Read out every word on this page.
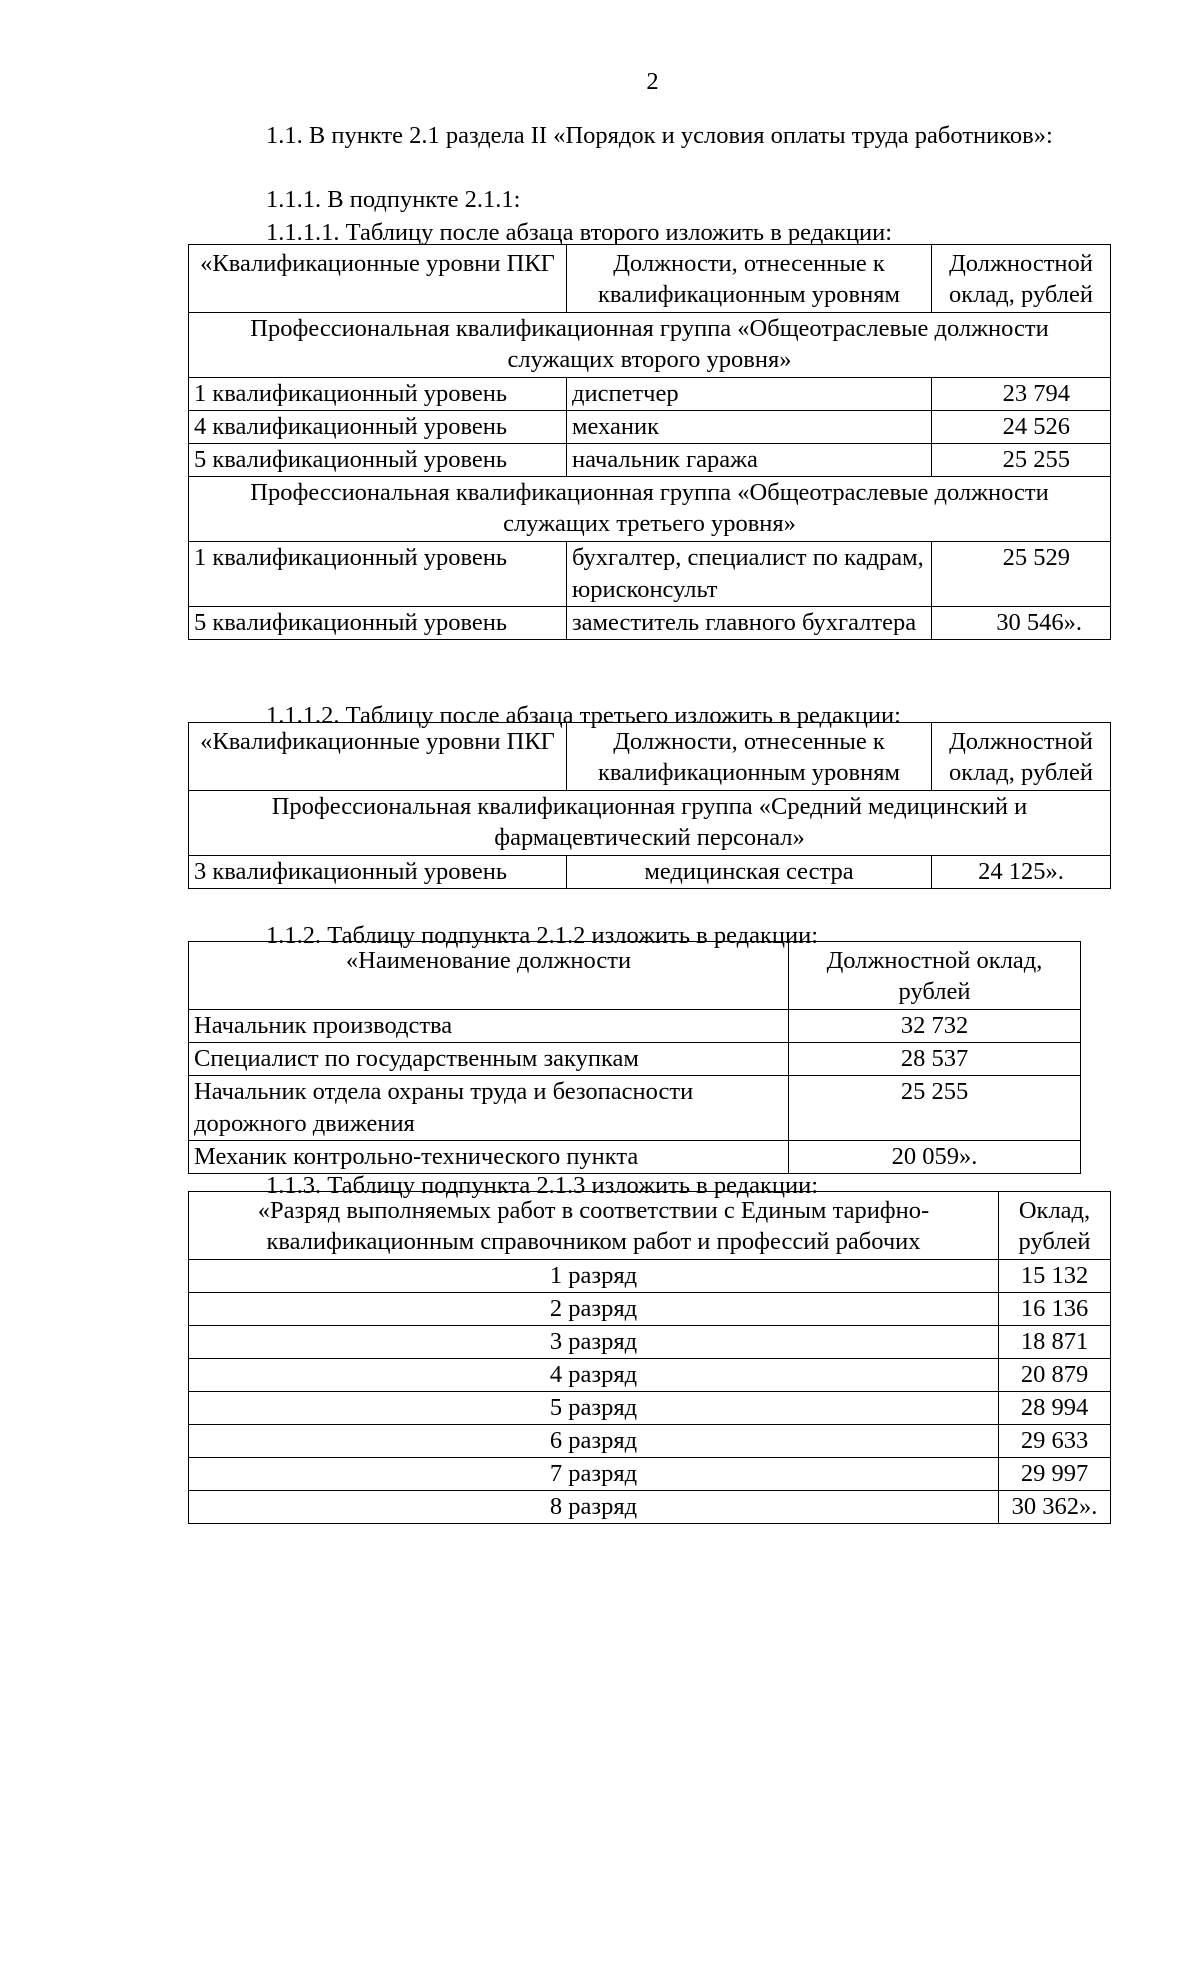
2
1.1. В пункте 2.1 раздела II «Порядок и условия оплаты труда работников»:
1.1.1. В подпункте 2.1.1:
1.1.1.1. Таблицу после абзаца второго изложить в редакции:
«Квалификационные уровни ПКГ	Должности, отнесенные к квалификационным уровням	Должностной оклад, рублей
Профессиональная квалификационная группа «Общеотраслевые должности служащих второго уровня»		
1 квалификационный уровень	диспетчер	23 794
4 квалификационный уровень	механик	24 526
5 квалификационный уровень	начальник гаража	25 255
Профессиональная квалификационная группа «Общеотраслевые должности служащих третьего уровня»		
1 квалификационный уровень	бухгалтер, специалист по кадрам, юрисконсульт	25 529
5 квалификационный уровень	заместитель главного бухгалтера	30 546».
1.1.1.2. Таблицу после абзаца третьего изложить в редакции:
«Квалификационные уровни ПКГ	Должности, отнесенные к квалификационным уровням	Должностной оклад, рублей
Профессиональная квалификационная группа «Средний медицинский и фармацевтический персонал»		
3 квалификационный уровень	медицинская сестра	24 125».
1.1.2. Таблицу подпункта 2.1.2 изложить в редакции:
«Наименование должности	Должностной оклад, рублей
Начальник производства	32 732
Специалист по государственным закупкам	28 537
Начальник отдела охраны труда и безопасности дорожного движения	25 255
Механик контрольно-технического пункта	20 059».
1.1.3. Таблицу подпункта 2.1.3 изложить в редакции:
«Разряд выполняемых работ в соответствии с Единым тарифно-квалификационным справочником работ и профессий рабочих	Оклад, рублей
1 разряд	15 132
2 разряд	16 136
3 разряд	18 871
4 разряд	20 879
5 разряд	28 994
6 разряд	29 633
7 разряд	29 997
8 разряд	30 362».
